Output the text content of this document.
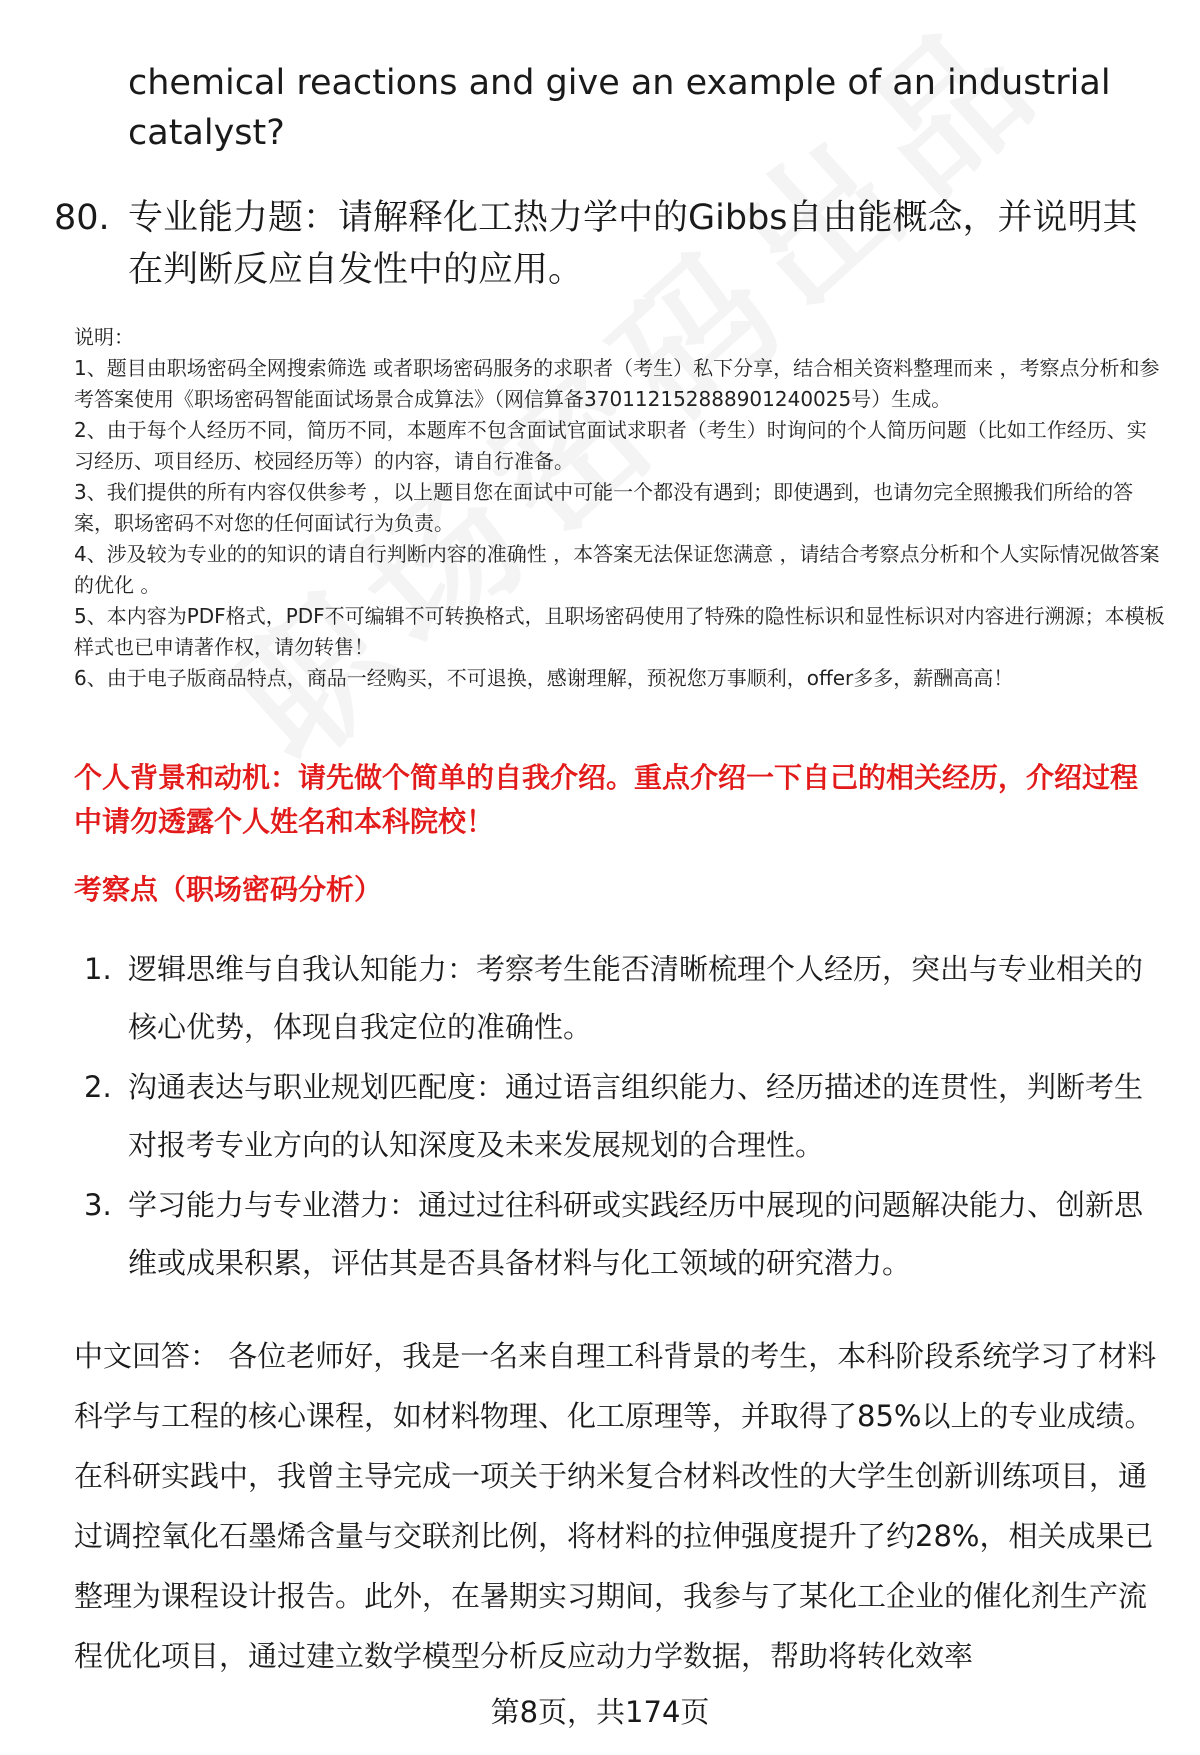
chemical reactions and give an example of an industrial catalyst?
80. 专业能力题：请解释化工热力学中的Gibbs自由能概念，并说明其在判断反应自发性中的应用。

说明：

1、题目由职场密码全网搜索筛选 或者职场密码服务的求职者（考生）私下分享，结合相关资料整理而来 ，考察点分析和参考答案使用《职场密码智能面试场景合成算法》（网信算备370112152888901240025号）生成。

2、由于每个人经历不同，简历不同，本题库不包含面试官面试求职者（考生）时询问的个人简历问题（比如工作经历、实习经历、项目经历、校园经历等）的内容，请自行准备。

3、我们提供的所有内容仅供参考 ，以上题目您在面试中可能一个都没有遇到；即使遇到，也请勿完全照搬我们所给的答案，职场密码不对您的任何面试行为负责。

4、涉及较为专业的的知识的请自行判断内容的准确性 ，本答案无法保证您满意 ，请结合考察点分析和个人实际情况做答案的优化 。

5、本内容为PDF格式，PDF不可编辑不可转换格式，且职场密码使用了特殊的隐性标识和显性标识对内容进行溯源；本模板样式也已申请著作权，请勿转售！

6、由于电子版商品特点，商品一经购买，不可退换，感谢理解，预祝您万事顺利，offer多多，薪酬高高！

个人背景和动机：请先做个简单的自我介绍。重点介绍一下自己的相关经历，介绍过程中请勿透露个人姓名和本科院校！
考察点（职场密码分析）
1. 逻辑思维与自我认知能力：考察考生能否清晰梳理个人经历，突出与专业相关的核心优势，体现自我定位的准确性。
2. 沟通表达与职业规划匹配度：通过语言组织能力、经历描述的连贯性，判断考生对报考专业方向的认知深度及未来发展规划的合理性。
3. 学习能力与专业潜力：通过过往科研或实践经历中展现的问题解决能力、创新思维或成果积累，评估其是否具备材料与化工领域的研究潜力。
中文回答： 各位老师好，我是一名来自理工科背景的考生，本科阶段系统学习了材料科学与工程的核心课程，如材料物理、化工原理等，并取得了85%以上的专业成绩。在科研实践中，我曾主导完成一项关于纳米复合材料改性的大学生创新训练项目，通过调控氧化石墨烯含量与交联剂比例，将材料的拉伸强度提升了约28%，相关成果已整理为课程设计报告。此外，在暑期实习期间，我参与了某化工企业的催化剂生产流程优化项目，通过建立数学模型分析反应动力学数据，帮助将转化效率
第8页，共174页
